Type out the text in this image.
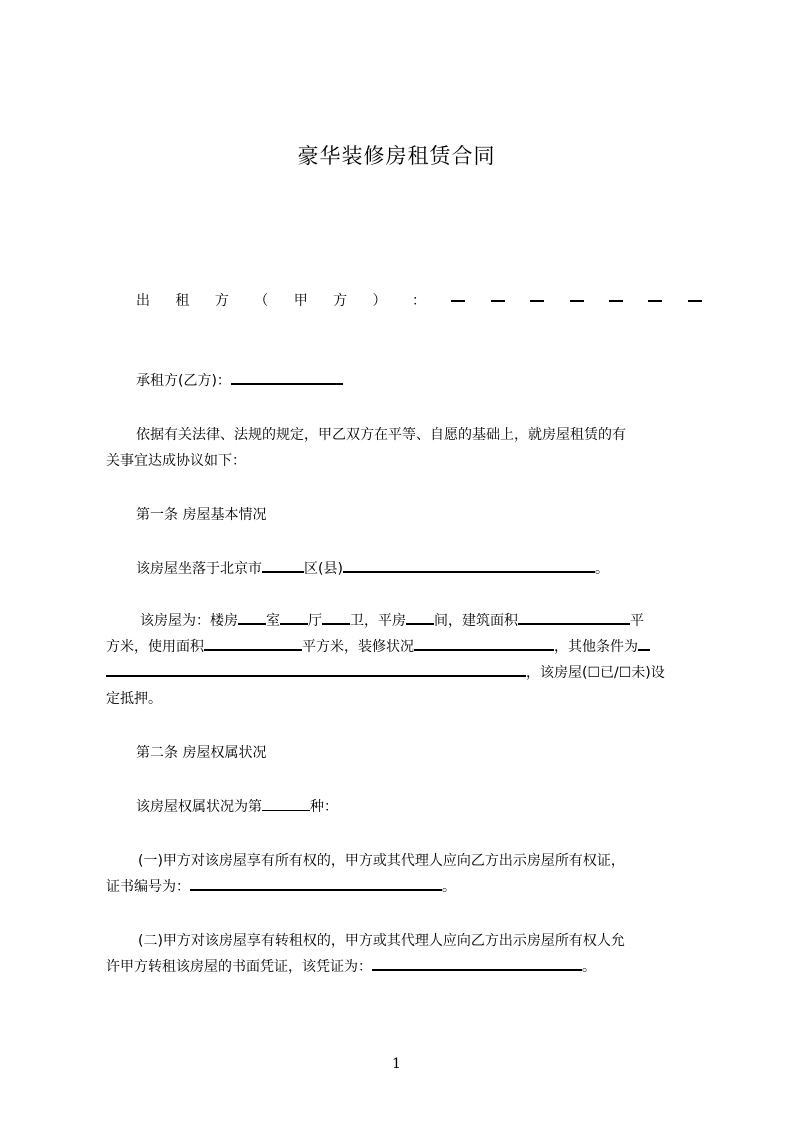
豪华装修房租赁合同
出 租 方 （ 甲 方 ） ：
承租方(乙方)：
依据有关法律、法规的规定，甲乙双方在平等、自愿的基础上，就房屋租赁的有
关事宜达成协议如下：
第一条 房屋基本情况
该房屋坐落于北京市	区(县)	。
该房屋为：楼房 室 厅 卫，平房 间，建筑面积	平
方米，使用面积	平方米，装修状况	，其他条件为
，该房屋(☐已/☐未)设
定抵押。
第二条 房屋权属状况
该房屋权属状况为第	种：
(一)甲方对该房屋享有所有权的，甲方或其代理人应向乙方出示房屋所有权证，
证书编号为：	。
(二)甲方对该房屋享有转租权的，甲方或其代理人应向乙方出示房屋所有权人允
许甲方转租该房屋的书面凭证，该凭证为：	。
1
